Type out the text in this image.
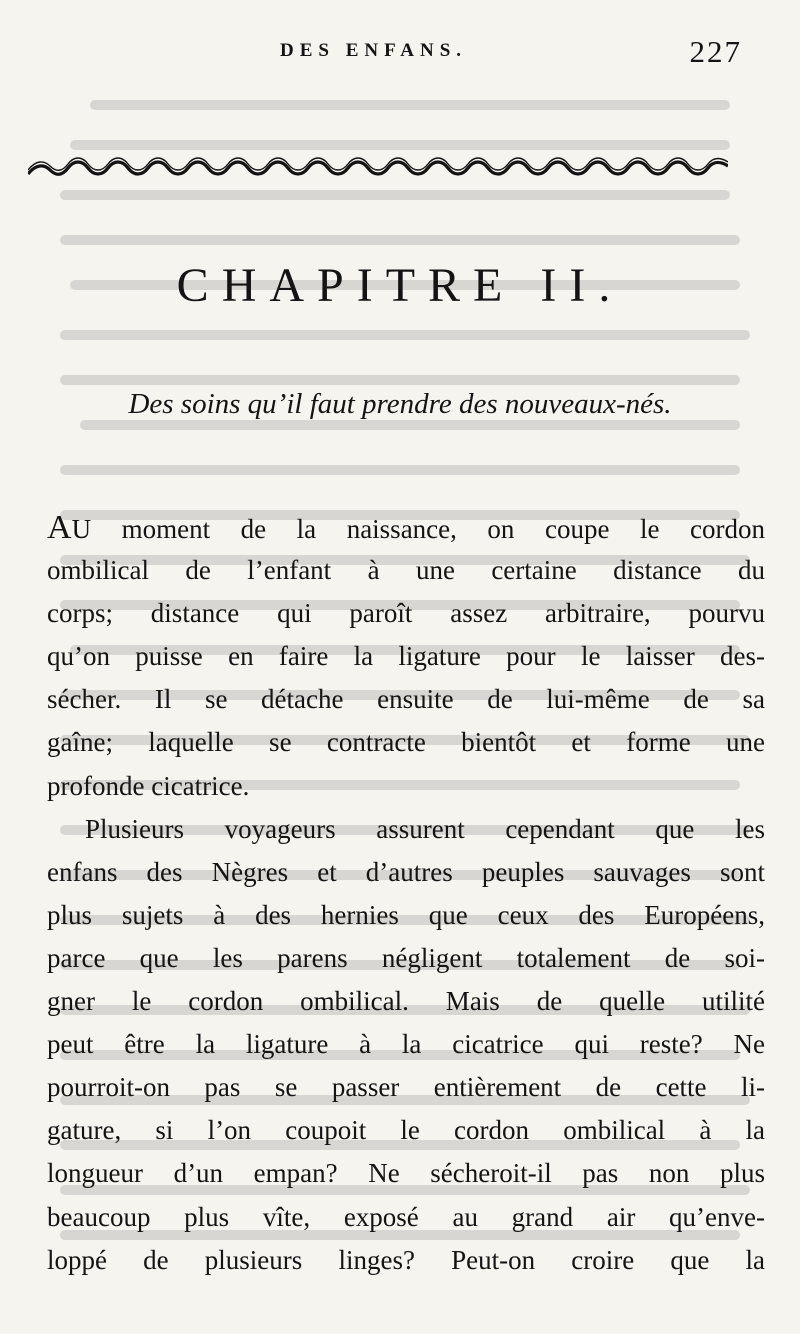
DES ENFANS.	227
CHAPITRE II.
Des soins qu’il faut prendre des nouveaux-nés.

AU moment de la naissance, on coupe le cordon
ombilical de l’enfant à une certaine distance du
corps; distance qui paroît assez arbitraire, pourvu
qu’on puisse en faire la ligature pour le laisser des-
sécher. Il se détache ensuite de lui-même de sa
gaîne; laquelle se contracte bientôt et forme une
profonde cicatrice.

Plusieurs voyageurs assurent cependant que les
enfans des Nègres et d’autres peuples sauvages sont
plus sujets à des hernies que ceux des Européens,
parce que les parens négligent totalement de soi-
gner le cordon ombilical. Mais de quelle utilité
peut être la ligature à la cicatrice qui reste? Ne
pourroit-on pas se passer entièrement de cette li-
gature, si l’on coupoit le cordon ombilical à la
longueur d’un empan? Ne sécheroit-il pas non plus
beaucoup plus vîte, exposé au grand air qu’enve-
loppé de plusieurs linges? Peut-on croire que la
